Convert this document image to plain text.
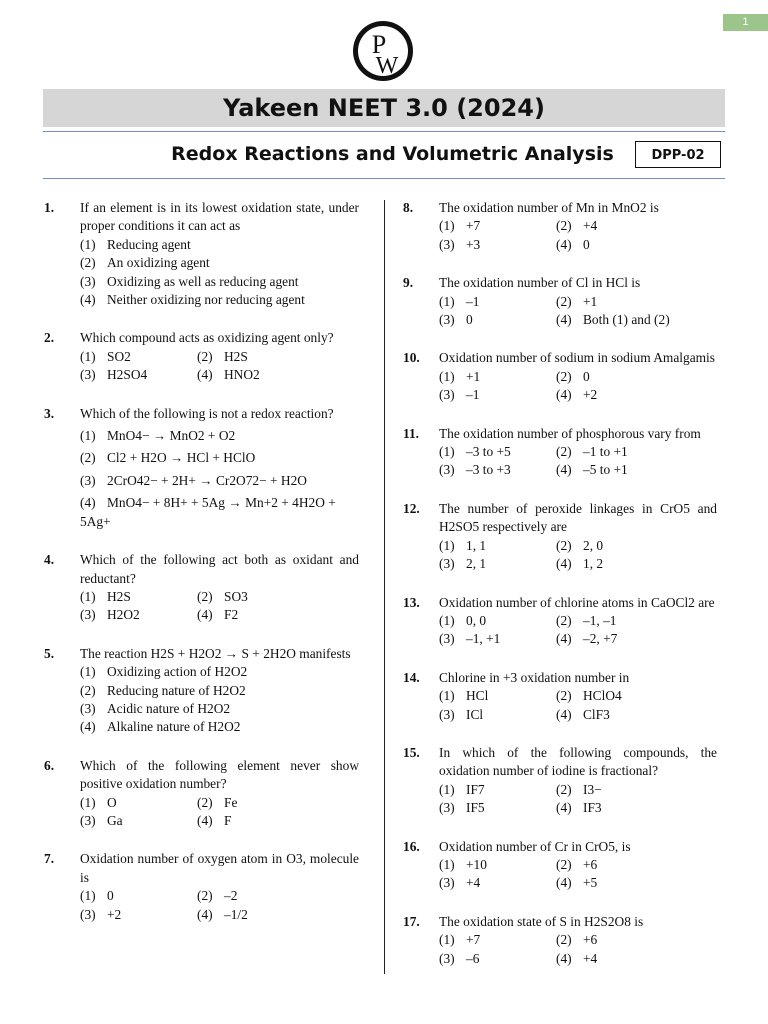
1
P
W
Yakeen NEET 3.0 (2024)
Redox Reactions and Volumetric Analysis	DPP-02
1. If an element is in its lowest oxidation state, under proper conditions it can act as
(1) Reducing agent
(2) An oxidizing agent
(3) Oxidizing as well as reducing agent
(4) Neither oxidizing nor reducing agent
2. Which compound acts as oxidizing agent only?
(1) SO2	(2) H2S
(3) H2SO4	(4) HNO2
3. Which of the following is not a redox reaction?
(1) MnO4− → MnO2 + O2
(2) Cl2 + H2O → HCl + HClO
(3) 2CrO42− + 2H+ → Cr2O72− + H2O
(4) MnO4− + 8H+ + 5Ag → Mn+2 + 4H2O + 5Ag+
4. Which of the following act both as oxidant and reductant?
(1) H2S	(2) SO3
(3) H2O2	(4) F2
5. The reaction H2S + H2O2 → S + 2H2O manifests
(1) Oxidizing action of H2O2
(2) Reducing nature of H2O2
(3) Acidic nature of H2O2
(4) Alkaline nature of H2O2
6. Which of the following element never show positive oxidation number?
(1) O	(2) Fe
(3) Ga	(4) F
7. Oxidation number of oxygen atom in O3, molecule is
(1) 0	(2) –2
(3) +2	(4) –1/2
8. The oxidation number of Mn in MnO2 is
(1) +7	(2) +4
(3) +3	(4) 0
9. The oxidation number of Cl in HCl is
(1) –1	(2) +1
(3) 0	(4) Both (1) and (2)
10. Oxidation number of sodium in sodium Amalgamis
(1) +1	(2) 0
(3) –1	(4) +2
11. The oxidation number of phosphorous vary from
(1) –3 to +5	(2) –1 to +1
(3) –3 to +3	(4) –5 to +1
12. The number of peroxide linkages in CrO5 and H2SO5 respectively are
(1) 1, 1	(2) 2, 0
(3) 2, 1	(4) 1, 2
13. Oxidation number of chlorine atoms in CaOCl2 are
(1) 0, 0	(2) –1, –1
(3) –1, +1	(4) –2, +7
14. Chlorine in +3 oxidation number in
(1) HCl	(2) HClO4
(3) ICl	(4) ClF3
15. In which of the following compounds, the oxidation number of iodine is fractional?
(1) IF7	(2) I3−
(3) IF5	(4) IF3
16. Oxidation number of Cr in CrO5, is
(1) +10	(2) +6
(3) +4	(4) +5
17. The oxidation state of S in H2S2O8 is
(1) +7	(2) +6
(3) –6	(4) +4
